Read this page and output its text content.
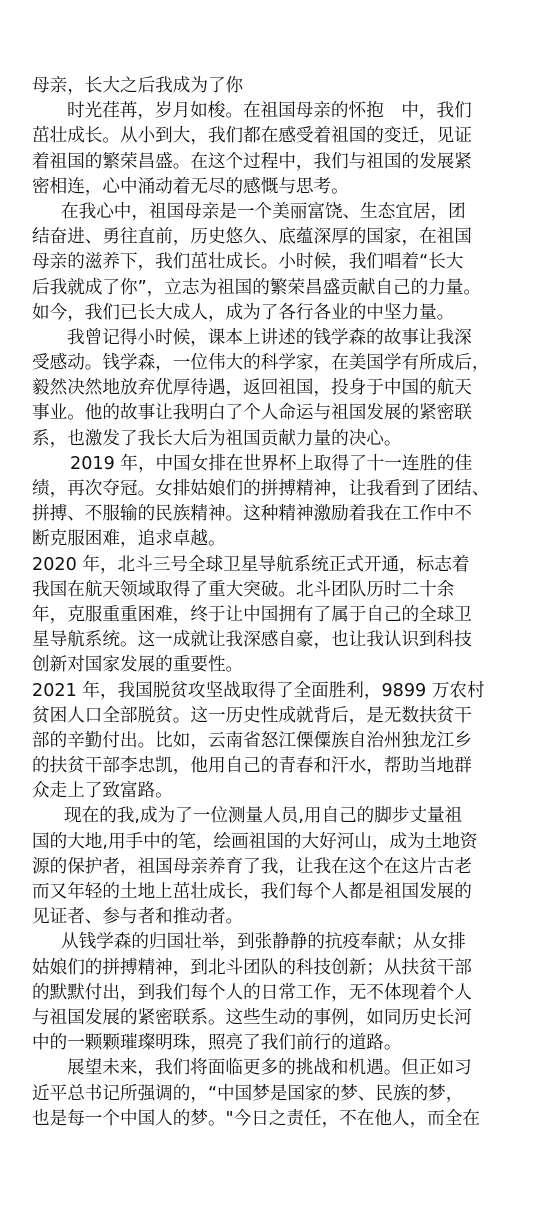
母亲，长大之后我成为了你
时光荏苒，岁月如梭。在祖国母亲的怀抱　中，我们
茁壮成长。从小到大，我们都在感受着祖国的变迁，见证
着祖国的繁荣昌盛。在这个过程中，我们与祖国的发展紧
密相连，心中涌动着无尽的感慨与思考。
在我心中，祖国母亲是一个美丽富饶、生态宜居，团
结奋进、勇往直前，历史悠久、底蕴深厚的国家，在祖国
母亲的滋养下，我们茁壮成长。小时候，我们唱着“长大
后我就成了你”，立志为祖国的繁荣昌盛贡献自己的力量。
如今，我们已长大成人，成为了各行各业的中坚力量。
我曾记得小时候，课本上讲述的钱学森的故事让我深
受感动。钱学森，一位伟大的科学家，在美国学有所成后，
毅然决然地放弃优厚待遇，返回祖国，投身于中国的航天
事业。他的故事让我明白了个人命运与祖国发展的紧密联
系，也激发了我长大后为祖国贡献力量的决心。
2019 年，中国女排在世界杯上取得了十一连胜的佳
绩，再次夺冠。女排姑娘们的拼搏精神，让我看到了团结、
拼搏、不服输的民族精神。这种精神激励着我在工作中不
断克服困难，追求卓越。
2020 年，北斗三号全球卫星导航系统正式开通，标志着
我国在航天领域取得了重大突破。北斗团队历时二十余
年，克服重重困难，终于让中国拥有了属于自己的全球卫
星导航系统。这一成就让我深感自豪，也让我认识到科技
创新对国家发展的重要性。
2021 年，我国脱贫攻坚战取得了全面胜利，9899 万农村
贫困人口全部脱贫。这一历史性成就背后，是无数扶贫干
部的辛勤付出。比如，云南省怒江傈僳族自治州独龙江乡
的扶贫干部李忠凯，他用自己的青春和汗水，帮助当地群
众走上了致富路。
现在的我,成为了一位测量人员,用自己的脚步丈量祖
国的大地,用手中的笔，绘画祖国的大好河山，成为土地资
源的保护者，祖国母亲养育了我，让我在这个在这片古老
而又年轻的土地上茁壮成长，我们每个人都是祖国发展的
见证者、参与者和推动者。
从钱学森的归国壮举，到张静静的抗疫奉献；从女排
姑娘们的拼搏精神，到北斗团队的科技创新；从扶贫干部
的默默付出，到我们每个人的日常工作，无不体现着个人
与祖国发展的紧密联系。这些生动的事例，如同历史长河
中的一颗颗璀璨明珠，照亮了我们前行的道路。
展望未来，我们将面临更多的挑战和机遇。但正如习
近平总书记所强调的，“中国梦是国家的梦、民族的梦，
也是每一个中国人的梦。"今日之责任，不在他人，而全在
